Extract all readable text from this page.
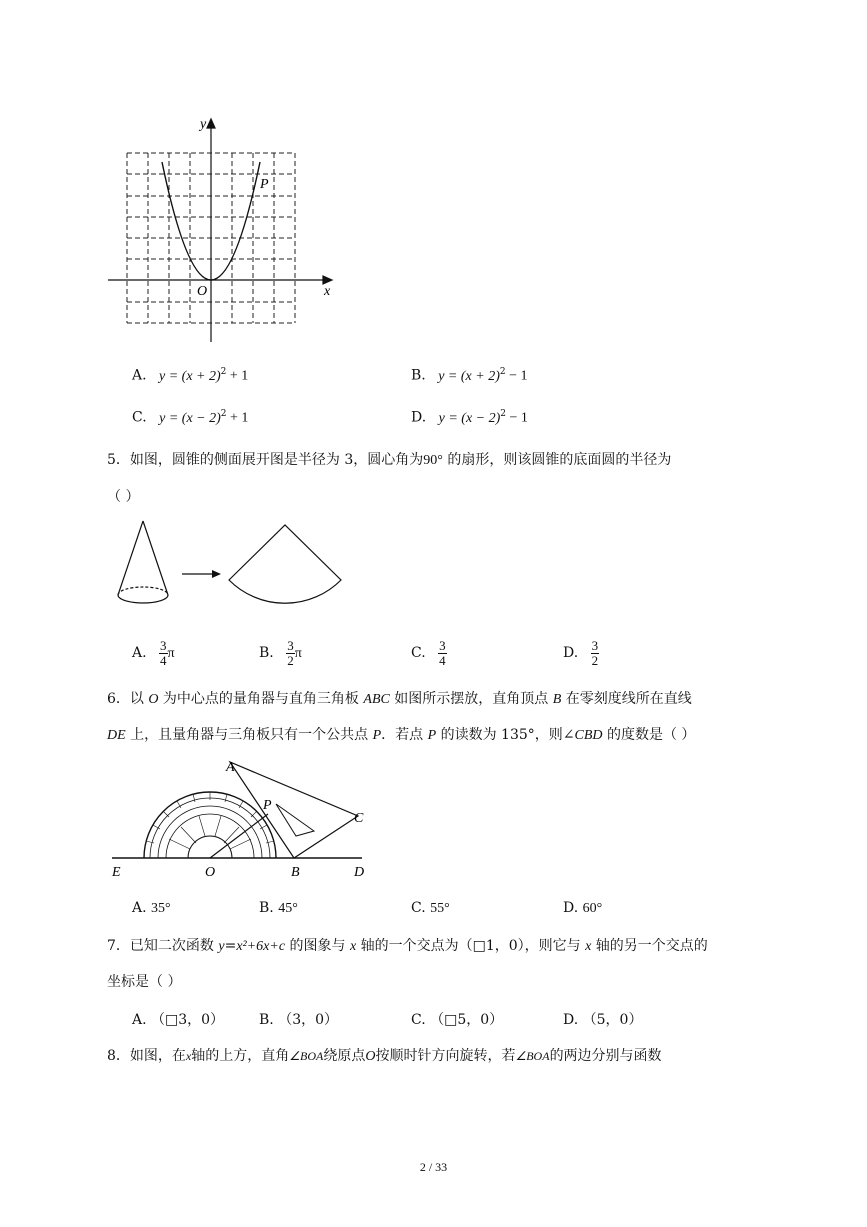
y
x
O
P
A. $y = (x + 2)^2 + 1$	B. $y = (x + 2)^2 - 1$
C. $y = (x - 2)^2 + 1$	D. $y = (x - 2)^2 - 1$
5．如图，圆锥的侧面展开图是半径为 3，圆心角为90° 的扇形，则该圆锥的底面圆的半径为
（ ）
A. $\frac{3}{4}$ π	B. $\frac{3}{2}$ π	C. $\frac{3}{4}$	D. $\frac{3}{2}$
6．以 O 为中心点的量角器与直角三角板 ABC 如图所示摆放，直角顶点 B 在零刻度线所在直线
DE 上，且量角器与三角板只有一个公共点 P．若点 P 的读数为 135°，则∠CBD 的度数是（ ）
A
P
C
E	O	B	D
A. 35°	B. 45°	C. 55°	D. 60°
7．已知二次函数 y=x²+6x+c 的图象与 x 轴的一个交点为（□1，0），则它与 x 轴的另一个交点的
坐标是（ ）
A. （□3，0） B. （3，0）	C. （□5，0）	D. （5，0）
8．如图，在x轴的上方，直角∠BOA绕原点O按顺时针方向旋转，若∠BOA的两边分别与函数
2 / 33
